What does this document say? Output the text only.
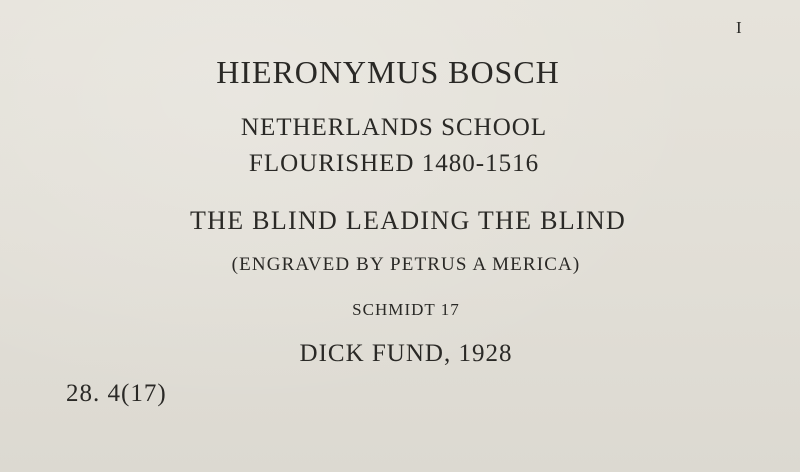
I
HIERONYMUS BOSCH
NETHERLANDS SCHOOL
FLOURISHED 1480-1516
THE BLIND LEADING THE BLIND
(ENGRAVED BY PETRUS A MERICA)
SCHMIDT 17
DICK FUND, 1928
28. 4(17)
